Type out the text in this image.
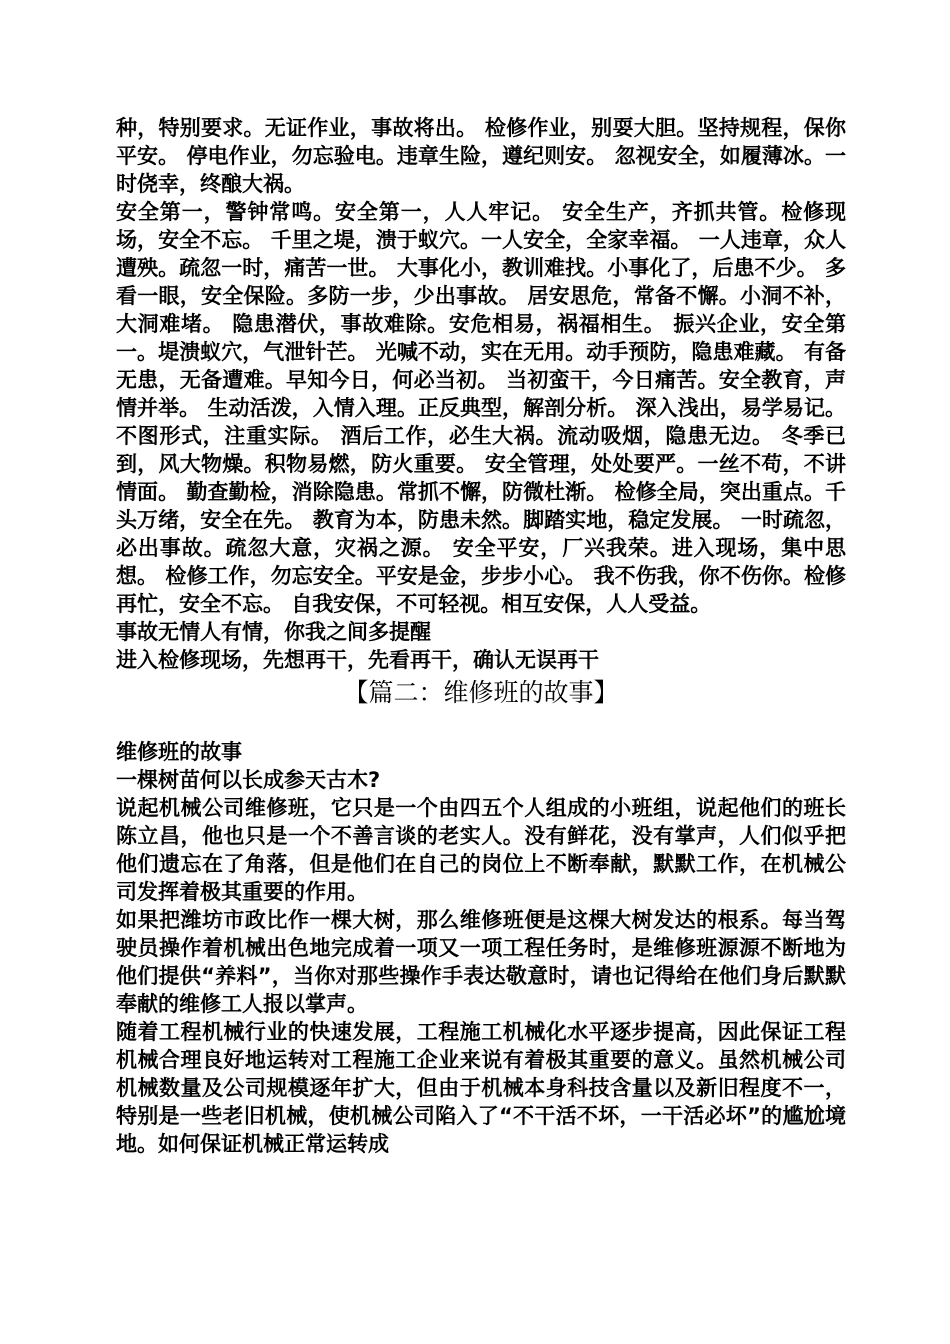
种，特别要求。无证作业，事故将出。 检修作业，别耍大胆。坚持规程，保你平安。 停电作业，勿忘验电。违章生险，遵纪则安。 忽视安全，如履薄冰。一时侥幸，终酿大祸。

安全第一，警钟常鸣。安全第一，人人牢记。 安全生产，齐抓共管。检修现场，安全不忘。 千里之堤，溃于蚁穴。一人安全，全家幸福。 一人违章，众人遭殃。疏忽一时，痛苦一世。 大事化小，教训难找。小事化了，后患不少。 多看一眼，安全保险。多防一步，少出事故。 居安思危，常备不懈。小洞不补，大洞难堵。 隐患潜伏，事故难除。安危相易，祸福相生。 振兴企业，安全第一。堤溃蚁穴，气泄针芒。 光喊不动，实在无用。动手预防，隐患难藏。 有备无患，无备遭难。早知今日，何必当初。 当初蛮干，今日痛苦。安全教育，声情并举。 生动活泼，入情入理。正反典型，解剖分析。 深入浅出，易学易记。不图形式，注重实际。 酒后工作，必生大祸。流动吸烟，隐患无边。 冬季已到，风大物燥。积物易燃，防火重要。 安全管理，处处要严。一丝不苟，不讲情面。 勤查勤检，消除隐患。常抓不懈，防微杜渐。 检修全局，突出重点。千头万绪，安全在先。 教育为本，防患未然。脚踏实地，稳定发展。 一时疏忽，必出事故。疏忽大意，灾祸之源。 安全平安，厂兴我荣。进入现场，集中思想。 检修工作，勿忘安全。平安是金，步步小心。 我不伤我，你不伤你。检修再忙，安全不忘。 自我安保，不可轻视。相互安保，人人受益。

事故无情人有情，你我之间多提醒

进入检修现场，先想再干，先看再干，确认无误再干

【篇二：维修班的故事】

维修班的故事

一棵树苗何以长成参天古木?

说起机械公司维修班，它只是一个由四五个人组成的小班组，说起他们的班长陈立昌，他也只是一个不善言谈的老实人。没有鲜花，没有掌声，人们似乎把他们遗忘在了角落，但是他们在自己的岗位上不断奉献，默默工作，在机械公司发挥着极其重要的作用。

如果把潍坊市政比作一棵大树，那么维修班便是这棵大树发达的根系。每当驾驶员操作着机械出色地完成着一项又一项工程任务时，是维修班源源不断地为他们提供“养料”，当你对那些操作手表达敬意时，请也记得给在他们身后默默奉献的维修工人报以掌声。

随着工程机械行业的快速发展，工程施工机械化水平逐步提高，因此保证工程机械合理良好地运转对工程施工企业来说有着极其重要的意义。虽然机械公司机械数量及公司规模逐年扩大，但由于机械本身科技含量以及新旧程度不一，特别是一些老旧机械，使机械公司陷入了“不干活不坏，一干活必坏”的尴尬境地。如何保证机械正常运转成
